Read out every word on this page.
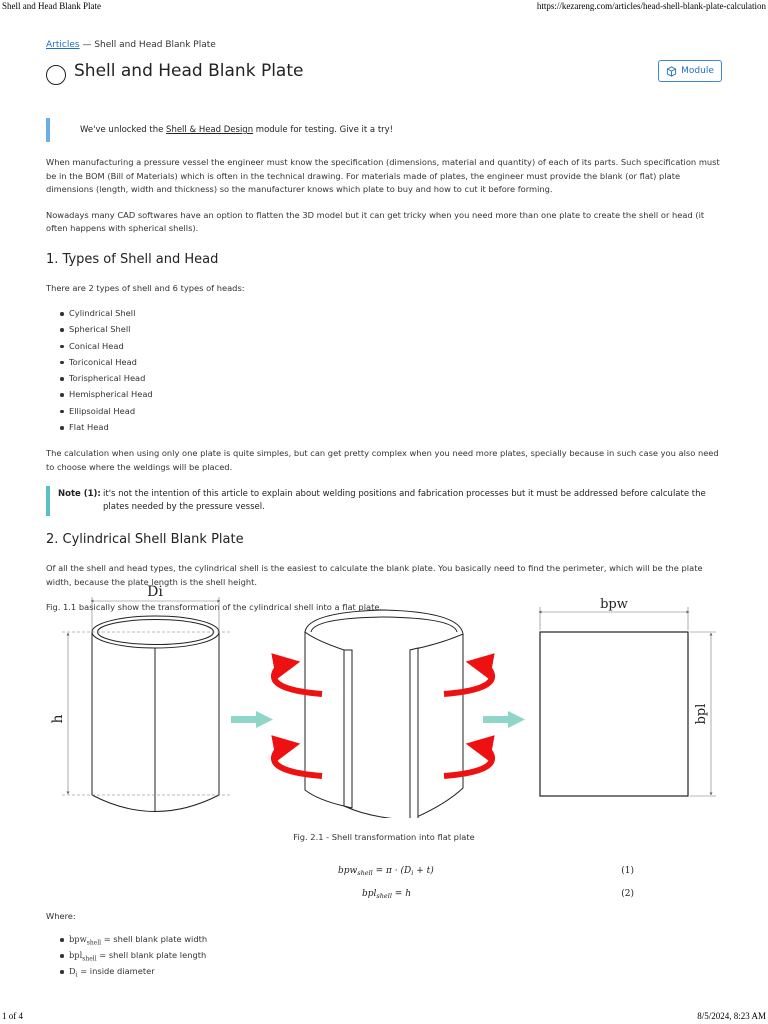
Shell and Head Blank Plate	https://kezareng.com/articles/head-shell-blank-plate-calculation
Articles — Shell and Head Blank Plate
Shell and Head Blank Plate	Module
We've unlocked the Shell & Head Design module for testing. Give it a try!

When manufacturing a pressure vessel the engineer must know the specification (dimensions, material and quantity) of each of its parts. Such specification must be in the BOM (Bill of Materials) which is often in the technical drawing. For materials made of plates, the engineer must provide the blank (or flat) plate dimensions (length, width and thickness) so the manufacturer knows which plate to buy and how to cut it before forming.

Nowadays many CAD softwares have an option to flatten the 3D model but it can get tricky when you need more than one plate to create the shell or head (it often happens with spherical shells).

1. Types of Shell and Head

There are 2 types of shell and 6 types of heads:

Cylindrical Shell
Spherical Shell
Conical Head
Toriconical Head
Torispherical Head
Hemispherical Head
Ellipsoidal Head
Flat Head

The calculation when using only one plate is quite simples, but can get pretty complex when you need more plates, specially because in such case you also need to choose where the weldings will be placed.

Note (1): it's not the intention of this article to explain about welding positions and fabrication processes but it must be addressed before calculate the plates needed by the pressure vessel.
2. Cylindrical Shell Blank Plate

Of all the shell and head types, the cylindrical shell is the easiest to calculate the blank plate. You basically need to find the perimeter, which will be the plate width, because the plate length is the shell height.

Fig. 1.1 basically show the transformation of the cylindrical shell into a flat plate.

Di
h
bpw
bpl
Fig. 2.1 - Shell transformation into flat plate
$bpw_{shell} = \pi \cdot (D_i + t)$	(1)
bpl$_{shell}$ = h	(2)
Where:
bpw$_{shell}$ = shell blank plate width
bpl$_{shell}$ = shell blank plate length
$D_i$ = inside diameter
1 of 4	8/5/2024, 8:23 AM
